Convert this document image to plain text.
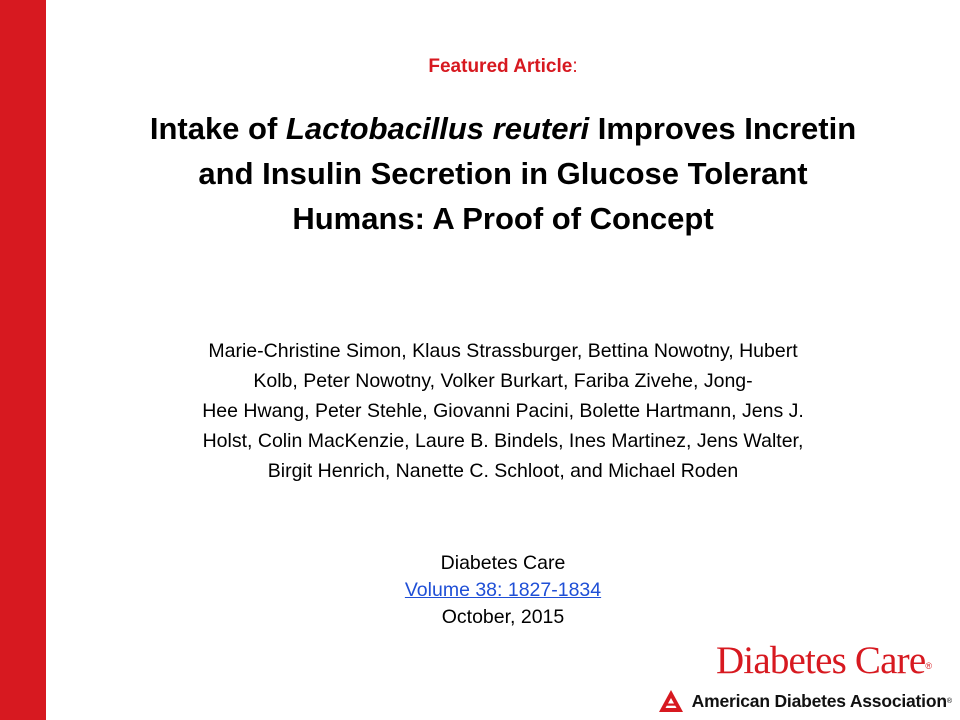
Featured Article:
Intake of Lactobacillus reuteri Improves Incretin
and Insulin Secretion in Glucose Tolerant
Humans: A Proof of Concept
Marie-Christine Simon, Klaus Strassburger, Bettina Nowotny, Hubert
Kolb, Peter Nowotny, Volker Burkart, Fariba Zivehe, Jong-
Hee Hwang, Peter Stehle, Giovanni Pacini, Bolette Hartmann, Jens J.
Holst, Colin MacKenzie, Laure B. Bindels, Ines Martinez, Jens Walter,
Birgit Henrich, Nanette C. Schloot, and Michael Roden
Diabetes Care
Volume 38: 1827-1834
October, 2015
Diabetes Care®
American Diabetes Association ®
